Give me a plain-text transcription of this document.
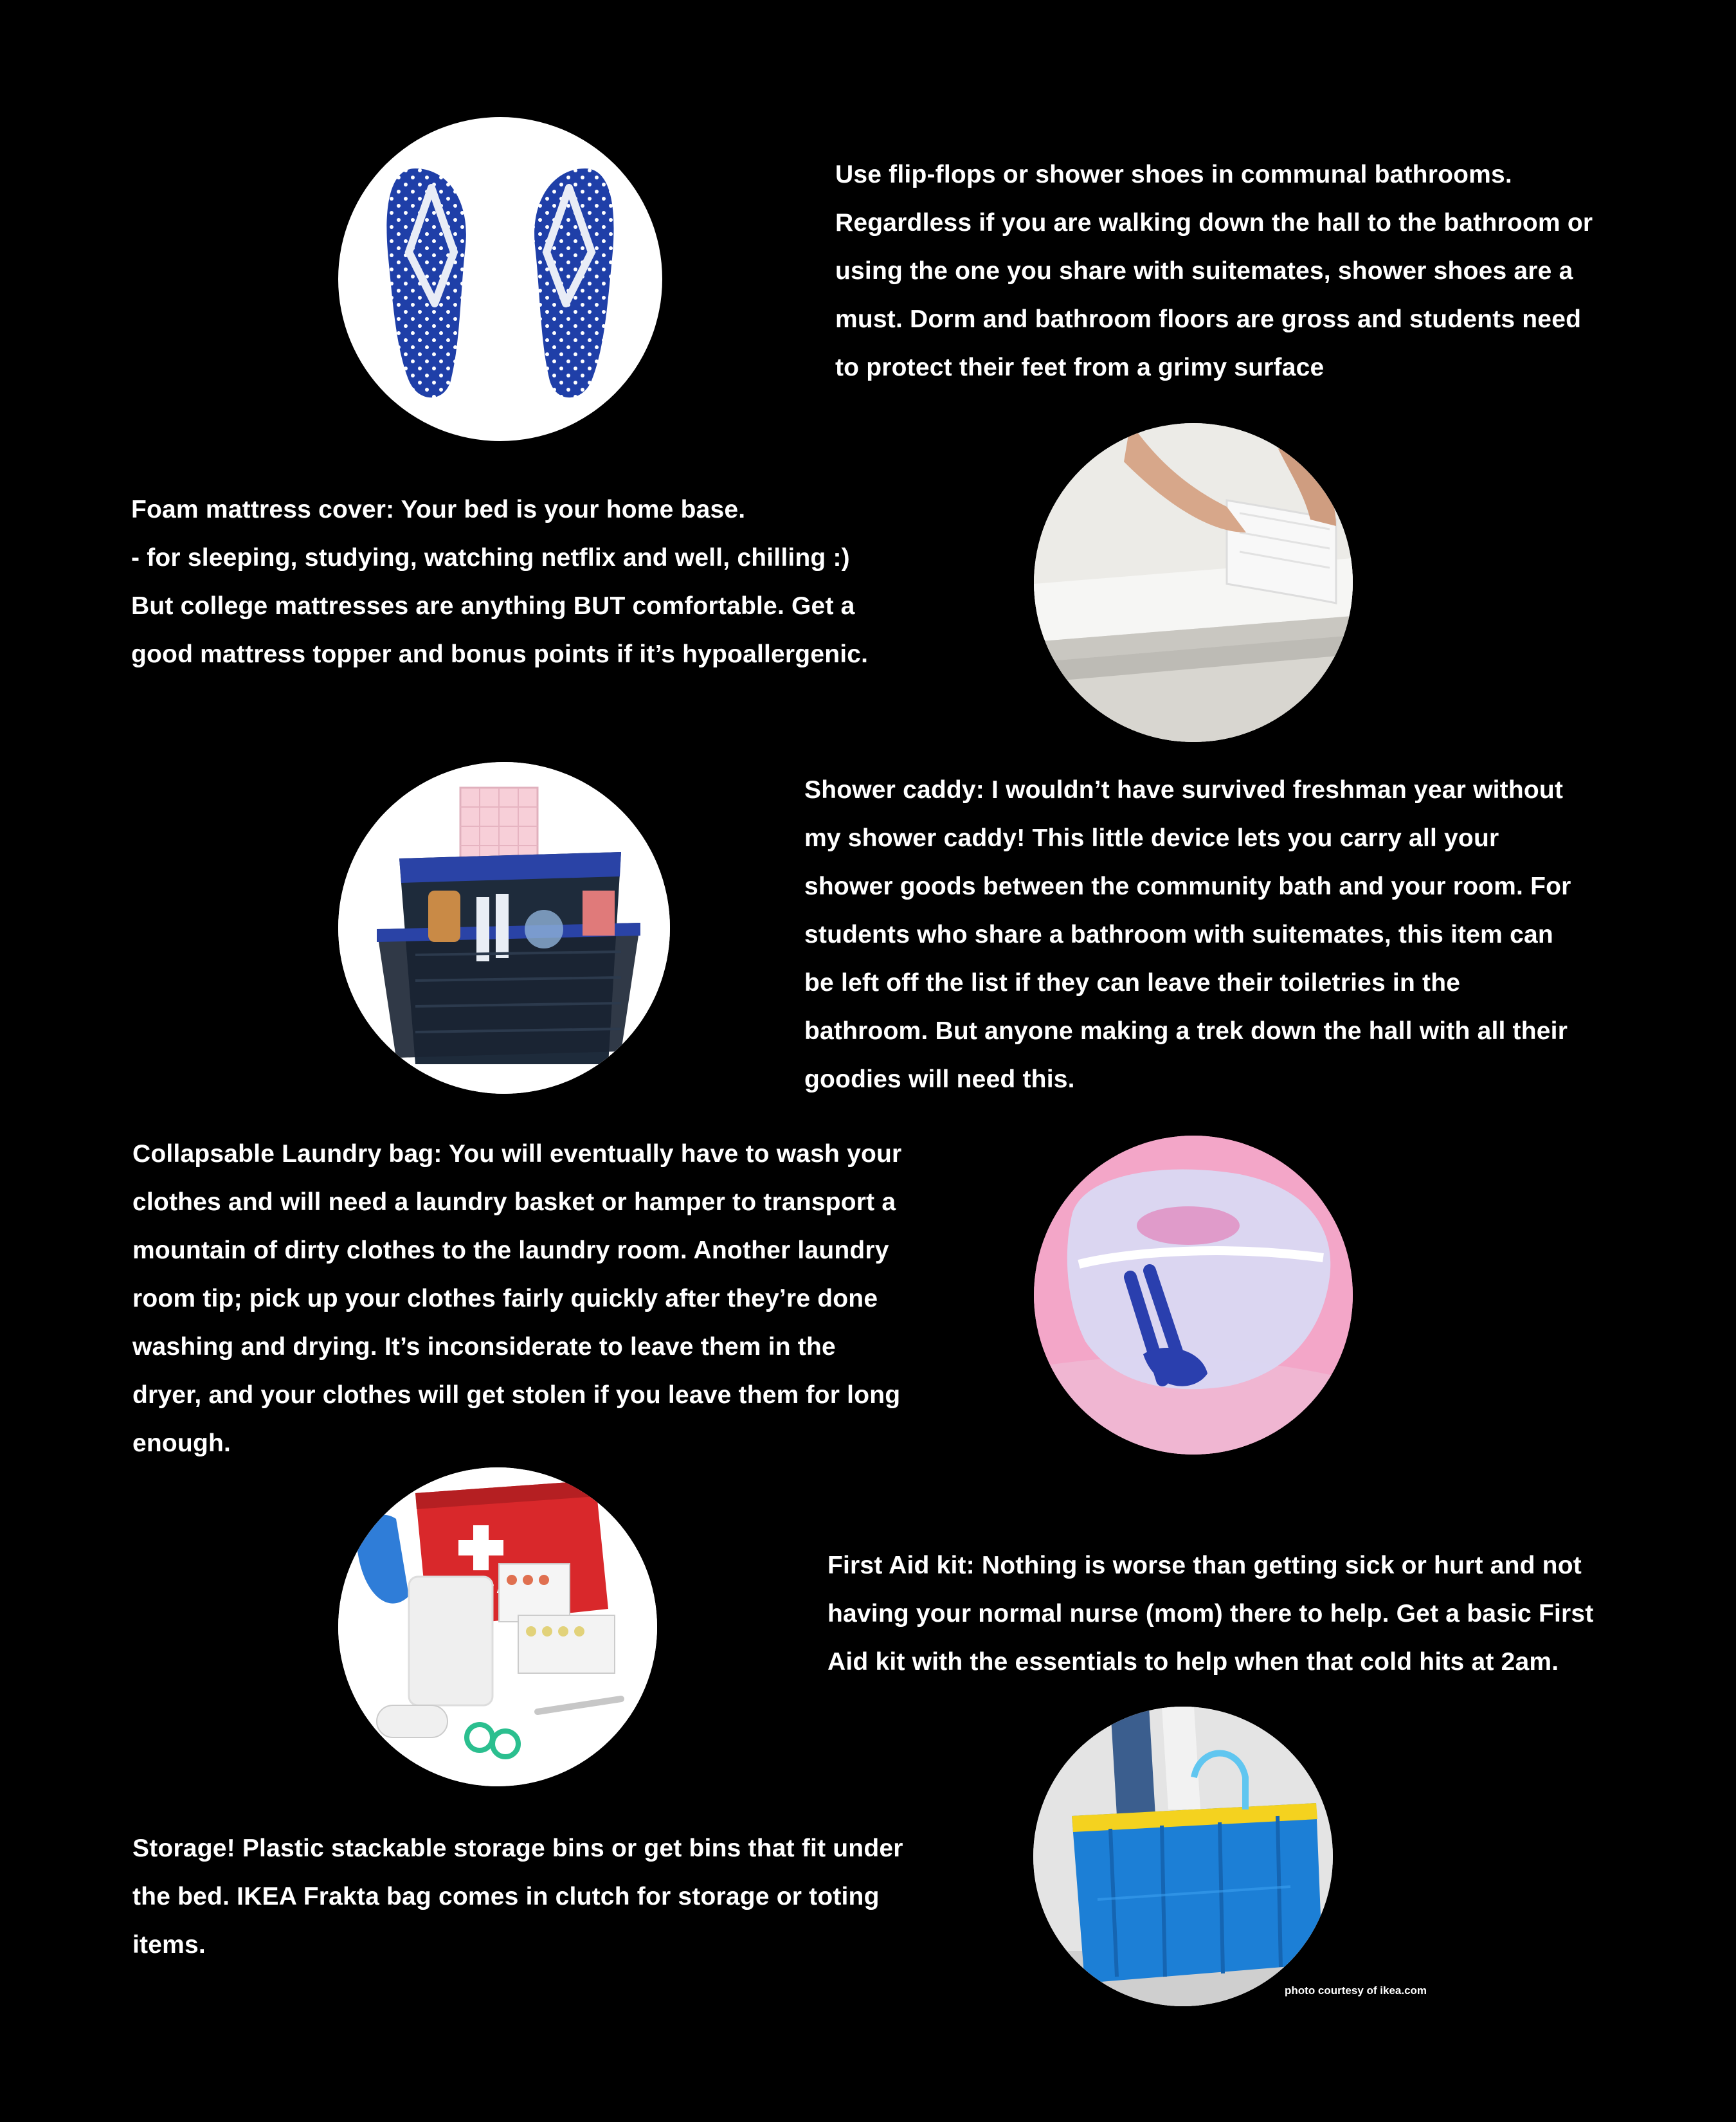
Use flip-flops or shower shoes in communal bathrooms.
Regardless if you are walking down the hall to the bathroom or
using the one you share with suitemates, shower shoes are a
must. Dorm and bathroom floors are gross and students need
to protect their feet from a grimy surface

Foam mattress cover: Your bed is your home base.
- for sleeping, studying, watching netflix and well, chilling :)
But college mattresses are anything BUT comfortable. Get a
good mattress topper and bonus points if it’s hypoallergenic.

Shower caddy: I wouldn’t have survived freshman year without
my shower caddy! This little device lets you carry all your
shower goods between the community bath and your room. For
students who share a bathroom with suitemates, this item can
be left off the list if they can leave their toiletries in the
bathroom. But anyone making a trek down the hall with all their
goodies will need this.

Collapsable Laundry bag: You will eventually have to wash your
clothes and will need a laundry basket or hamper to transport a
mountain of dirty clothes to the laundry room. Another laundry
room tip; pick up your clothes fairly quickly after they’re done
washing and drying. It’s inconsiderate to leave them in the
dryer, and your clothes will get stolen if you leave them for long
enough.

First Aid kit: Nothing is worse than getting sick or hurt and not
having your normal nurse (mom) there to help. Get a basic First
Aid kit with the essentials to help when that cold hits at 2am.

Storage! Plastic stackable storage bins or get bins that fit under
the bed. IKEA Frakta bag comes in clutch for storage or toting
items.

photo courtesy of ikea.com
